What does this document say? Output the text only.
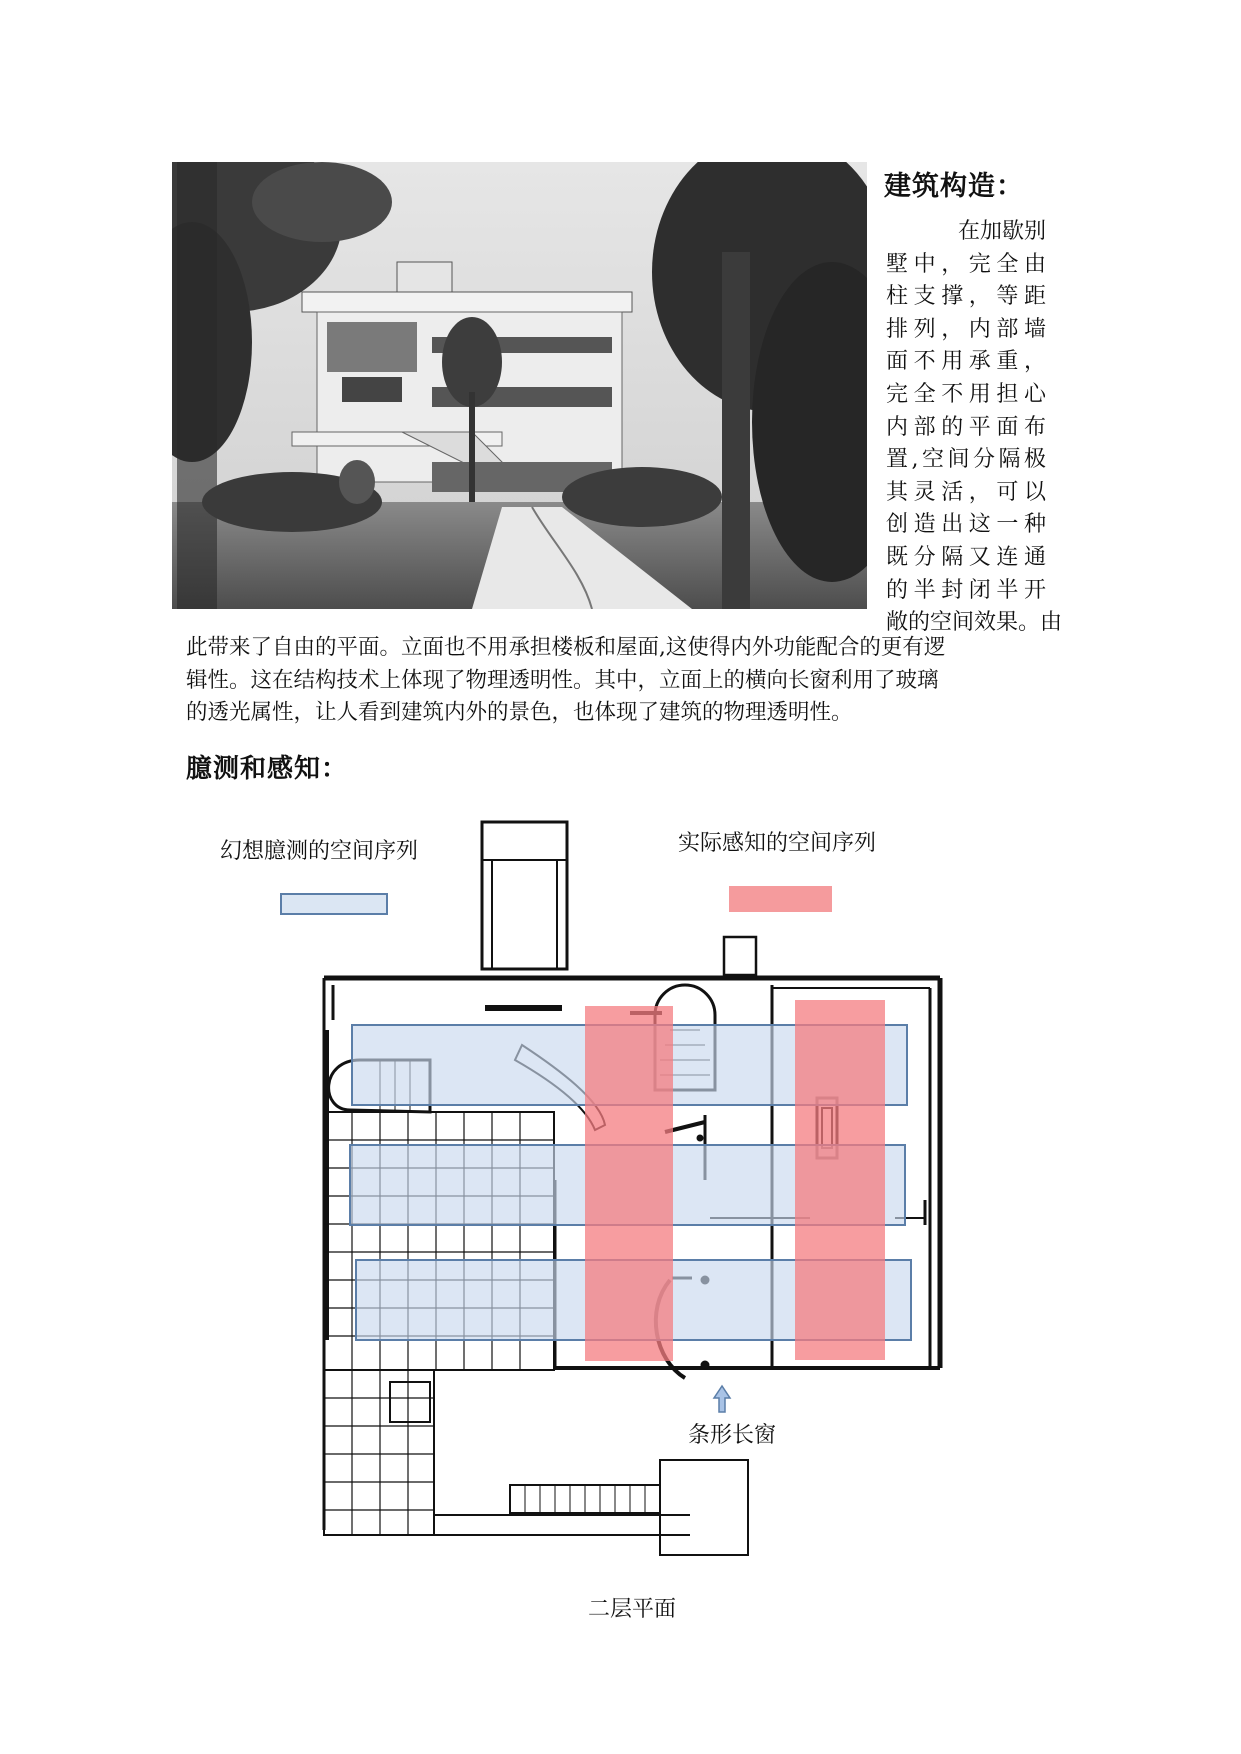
建筑构造：
在加歇别
墅中，完全由
柱支撑，等距
排列，内部墙
面不用承重，
完全不用担心
内部的平面布
置,空间分隔极
其灵活，可以
创造出这一种
既分隔又连通
的半封闭半开
敞的空间效果。由
此带来了自由的平面。立面也不用承担楼板和屋面,这使得内外功能配合的更有逻
辑性。这在结构技术上体现了物理透明性。其中，立面上的横向长窗利用了玻璃
的透光属性，让人看到建筑内外的景色，也体现了建筑的物理透明性。
臆测和感知：
幻想臆测的空间序列	实际感知的空间序列
条形长窗
二层平面
